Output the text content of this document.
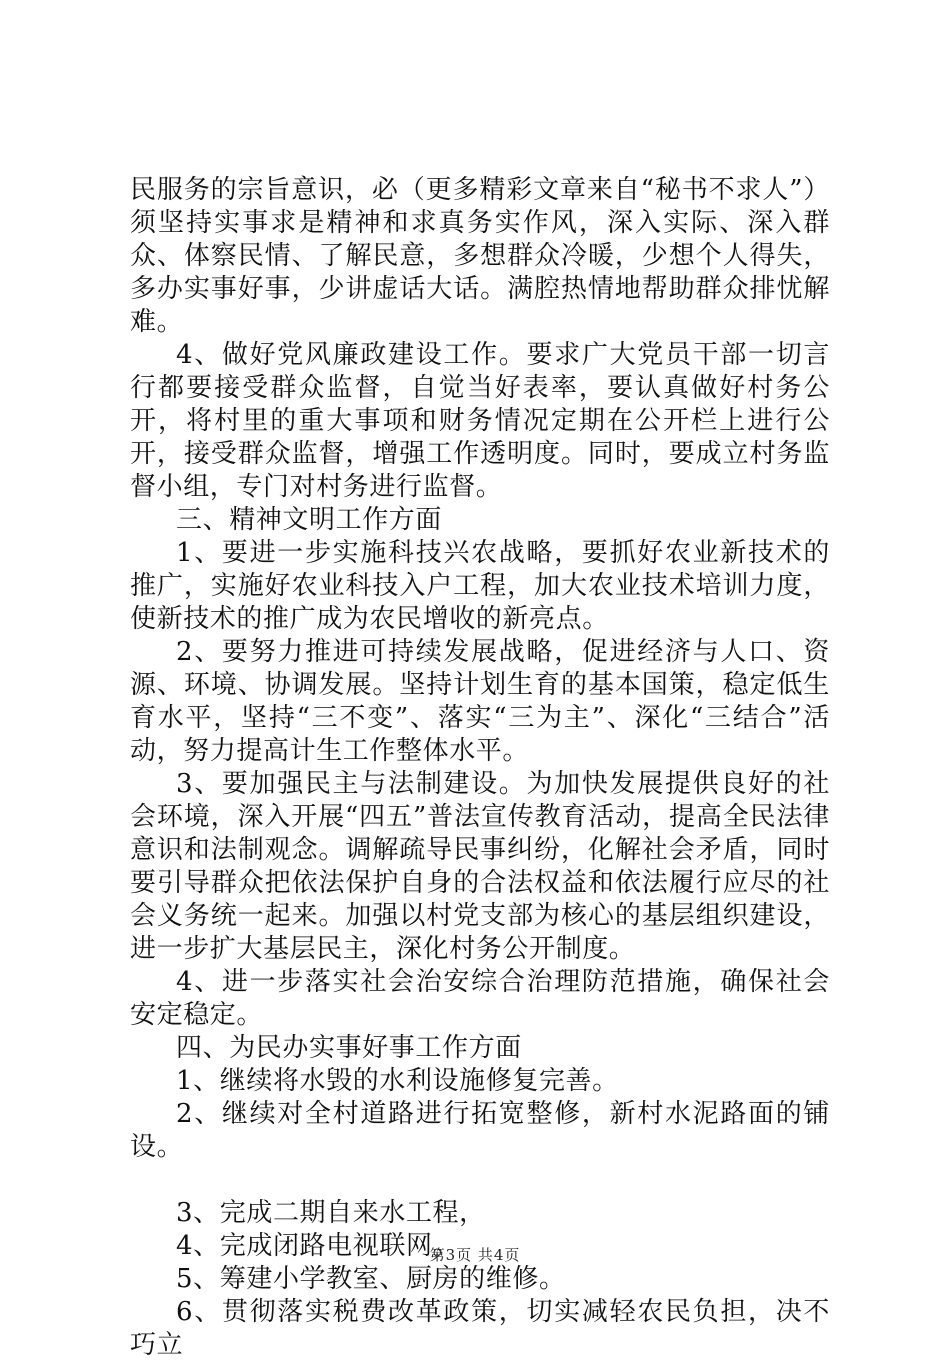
民服务的宗旨意识，必（更多精彩文章来自“秘书不求人”）须坚持实事求是精神和求真务实作风，深入实际、深入群众、体察民情、了解民意，多想群众冷暖，少想个人得失，多办实事好事，少讲虚话大话。满腔热情地帮助群众排忧解难。

4、做好党风廉政建设工作。要求广大党员干部一切言行都要接受群众监督，自觉当好表率，要认真做好村务公开，将村里的重大事项和财务情况定期在公开栏上进行公开，接受群众监督，增强工作透明度。同时，要成立村务监督小组，专门对村务进行监督。

三、精神文明工作方面

1、要进一步实施科技兴农战略，要抓好农业新技术的推广，实施好农业科技入户工程，加大农业技术培训力度，使新技术的推广成为农民增收的新亮点。

2、要努力推进可持续发展战略，促进经济与人口、资源、环境、协调发展。坚持计划生育的基本国策，稳定低生育水平，坚持“三不变”、落实“三为主”、深化“三结合”活动，努力提高计生工作整体水平。

3、要加强民主与法制建设。为加快发展提供良好的社会环境，深入开展“四五”普法宣传教育活动，提高全民法律意识和法制观念。调解疏导民事纠纷，化解社会矛盾，同时要引导群众把依法保护自身的合法权益和依法履行应尽的社会义务统一起来。加强以村党支部为核心的基层组织建设，进一步扩大基层民主，深化村务公开制度。

4、进一步落实社会治安综合治理防范措施，确保社会安定稳定。

四、为民办实事好事工作方面

1、继续将水毁的水利设施修复完善。

2、继续对全村道路进行拓宽整修，新村水泥路面的铺设。

3、完成二期自来水工程，

4、完成闭路电视联网。

5、筹建小学教室、厨房的维修。

6、贯彻落实税费改革政策，切实减轻农民负担，决不巧立

第3页 共4页
